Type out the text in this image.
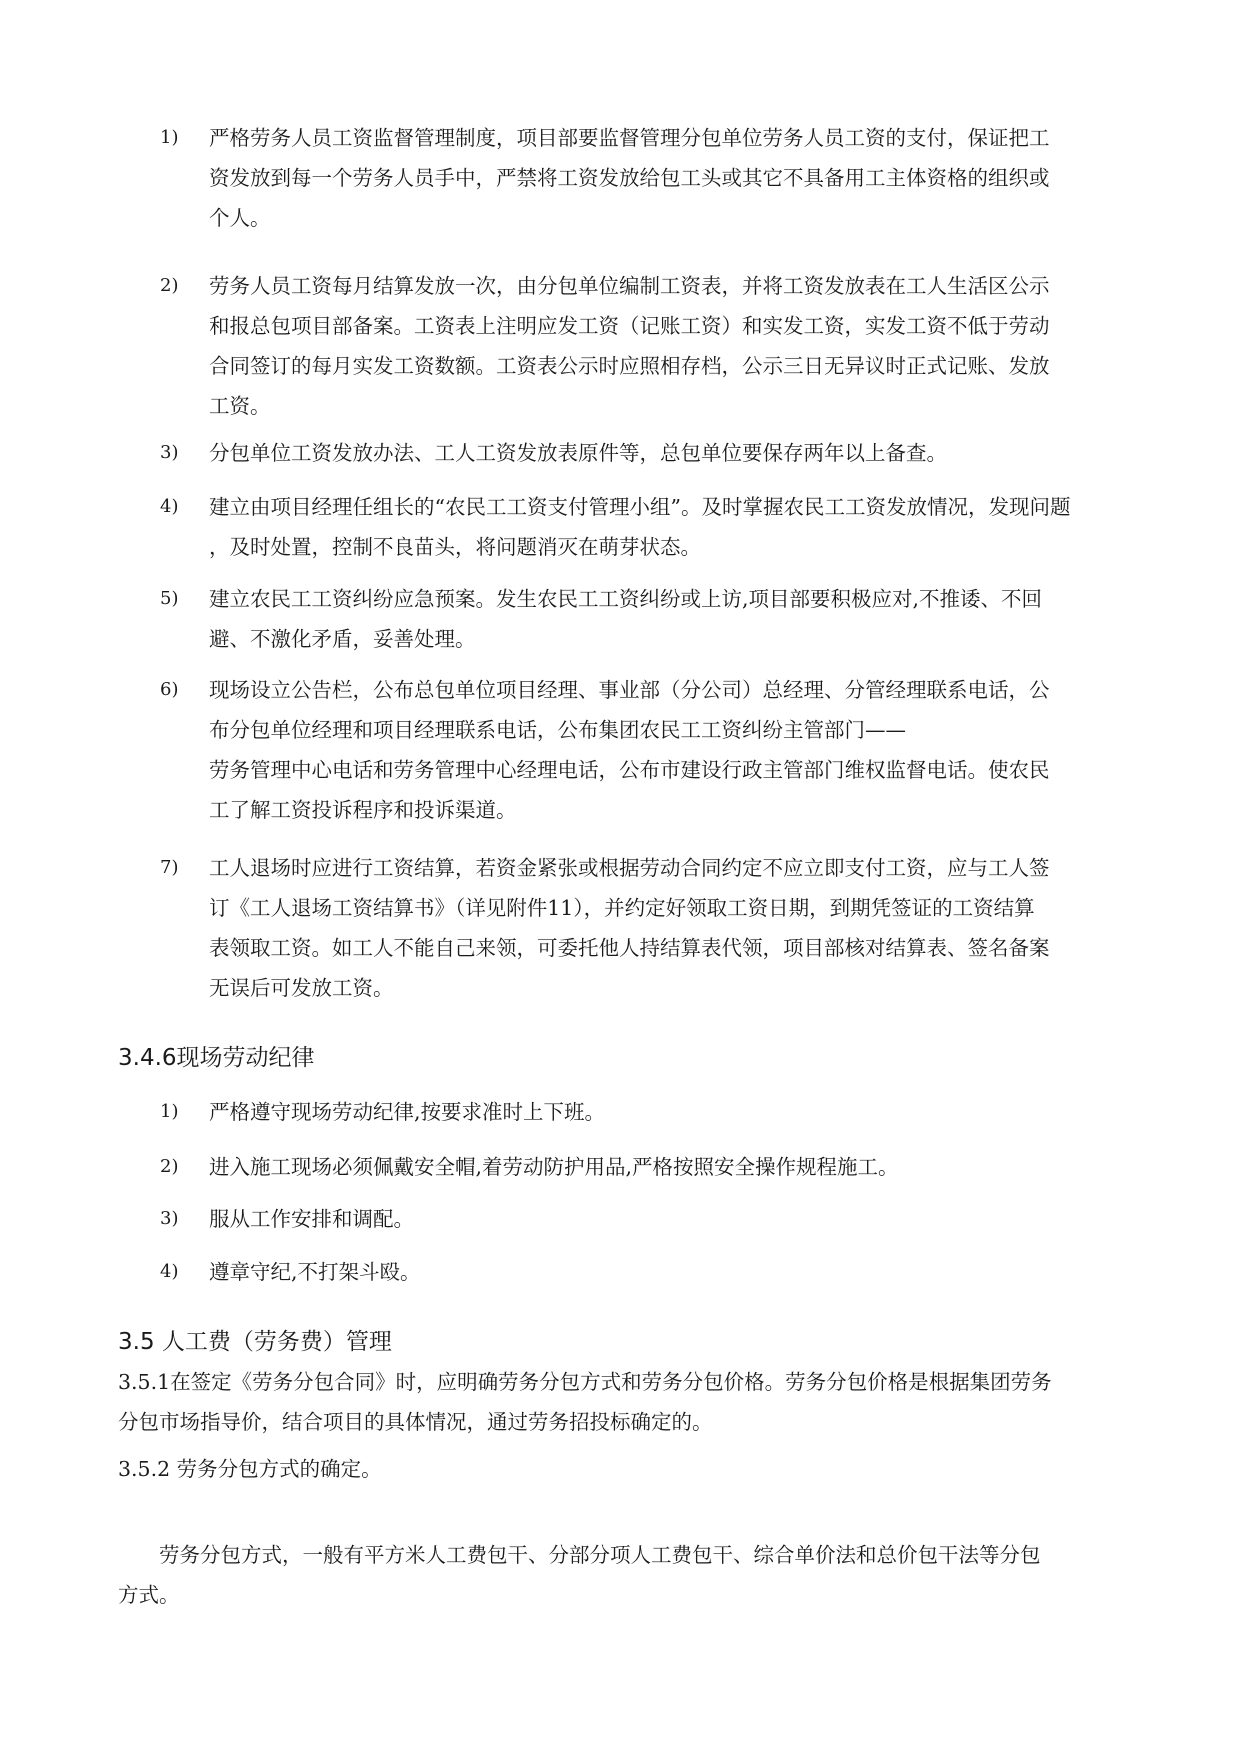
1)	严格劳务人员工资监督管理制度，项目部要监督管理分包单位劳务人员工资的支付，保证把工
资发放到每一个劳务人员手中，严禁将工资发放给包工头或其它不具备用工主体资格的组织或
个人。
2)	劳务人员工资每月结算发放一次，由分包单位编制工资表，并将工资发放表在工人生活区公示
和报总包项目部备案。工资表上注明应发工资（记账工资）和实发工资，实发工资不低于劳动
合同签订的每月实发工资数额。工资表公示时应照相存档，公示三日无异议时正式记账、发放
工资。
3)	分包单位工资发放办法、工人工资发放表原件等，总包单位要保存两年以上备查。
4)	建立由项目经理任组长的“农民工工资支付管理小组”。及时掌握农民工工资发放情况，发现问题
，及时处置，控制不良苗头，将问题消灭在萌芽状态。
5)	建立农民工工资纠纷应急预案。发生农民工工资纠纷或上访,项目部要积极应对,不推诿、不回
避、不激化矛盾，妥善处理。
6)	现场设立公告栏，公布总包单位项目经理、事业部（分公司）总经理、分管经理联系电话，公
布分包单位经理和项目经理联系电话，公布集团农民工工资纠纷主管部门——
劳务管理中心电话和劳务管理中心经理电话，公布市建设行政主管部门维权监督电话。使农民
工了解工资投诉程序和投诉渠道。
7)	工人退场时应进行工资结算，若资金紧张或根据劳动合同约定不应立即支付工资，应与工人签
订《工人退场工资结算书》（详见附件11），并约定好领取工资日期，到期凭签证的工资结算
表领取工资。如工人不能自己来领，可委托他人持结算表代领，项目部核对结算表、签名备案
无误后可发放工资。
3.4.6现场劳动纪律
1)	严格遵守现场劳动纪律,按要求准时上下班。
2)	进入施工现场必须佩戴安全帽,着劳动防护用品,严格按照安全操作规程施工。
3)	服从工作安排和调配。
4)	遵章守纪,不打架斗殴。
3.5 人工费（劳务费）管理
3.5.1在签定《劳务分包合同》时，应明确劳务分包方式和劳务分包价格。劳务分包价格是根据集团劳务
分包市场指导价，结合项目的具体情况，通过劳务招投标确定的。
3.5.2 劳务分包方式的确定。
　　劳务分包方式，一般有平方米人工费包干、分部分项人工费包干、综合单价法和总价包干法等分包
方式。
